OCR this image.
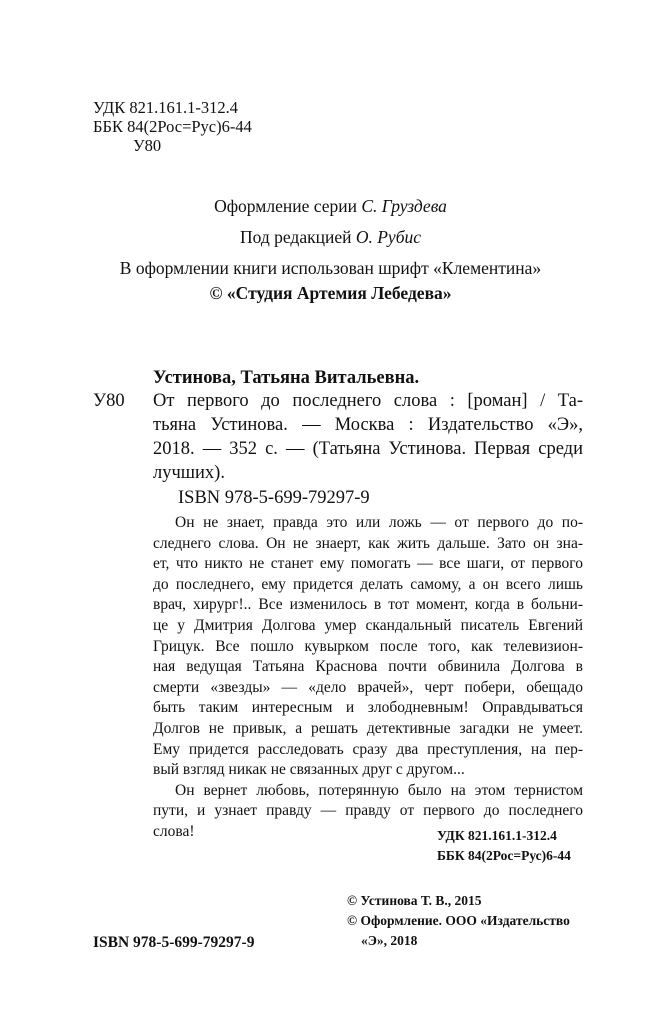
УДК 821.161.1-312.4
ББК 84(2Рос=Рус)6-44
У80
Оформление серии С. Груздева
Под редакцией О. Рубис
В оформлении книги использован шрифт «Клементина»
© «Студия Артемия Лебедева»
Устинова, Татьяна Витальевна.
У80 От первого до последнего слова : [роман] / Та-
тьяна Устинова. — Москва : Издательство «Э»,
2018. — 352 с. — (Татьяна Устинова. Первая среди
лучших).
ISBN 978-5-699-79297-9
Он не знает, правда это или ложь — от первого до по-
следнего слова. Он не знаерт, как жить дальше. Зато он зна-
ет, что никто не станет ему помогать — все шаги, от первого
до последнего, ему придется делать самому, а он всего лишь
врач, хирург!.. Все изменилось в тот момент, когда в больни-
це у Дмитрия Долгова умер скандальный писатель Евгений
Грицук. Все пошло кувырком после того, как телевизион-
ная ведущая Татьяна Краснова почти обвинила Долгова в
смерти «звезды» — «дело врачей», черт побери, обещадо
быть таким интересным и злободневным! Оправдываться
Долгов не привык, а решать детективные загадки не умеет.
Ему придется расследовать сразу два преступления, на пер-
вый взгляд никак не связанных друг с другом...
Он вернет любовь, потерянную было на этом тернистом
пути, и узнает правду — правду от первого до последнего
слова!	УДК 821.161.1-312.4
ББК 84(2Рос=Рус)6-44
© Устинова Т. В., 2015
© Оформление. ООО «Издательство
«Э», 2018
ISBN 978-5-699-79297-9
